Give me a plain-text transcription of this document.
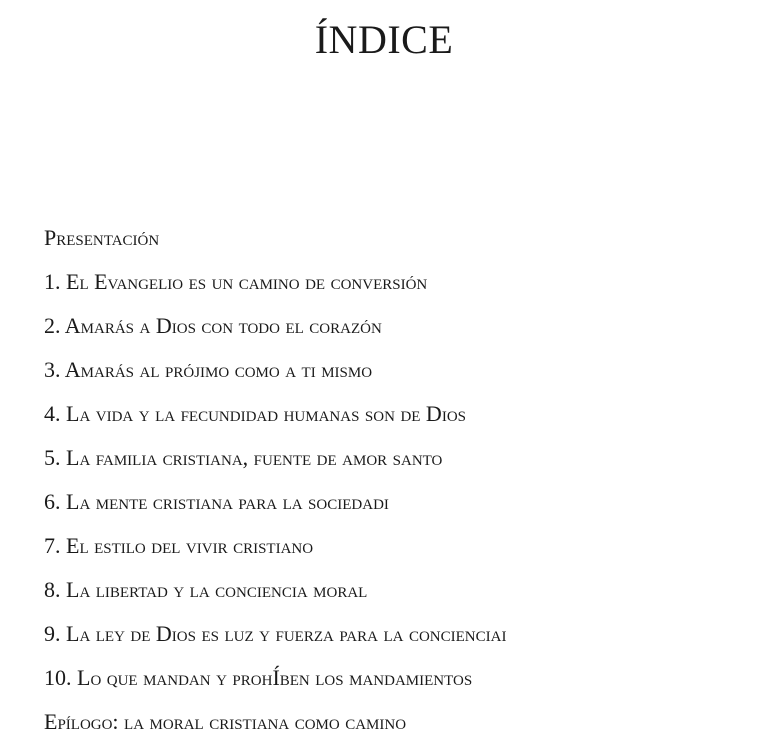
ÍNDICE
Presentación
1. El Evangelio es un camino de conversión
2. Amarás a Dios con todo el corazón
3. Amarás al prójimo como a ti mismo
4. La vida y la fecundidad humanas son de Dios
5. La familia cristiana, fuente de amor santo
6. La mente cristiana para la sociedadi
7. El estilo del vivir cristiano
8. La libertad y la conciencia moral
9. La ley de Dios es luz y fuerza para la concienciai
10. Lo que mandan y prohÍben los mandamientos
Epílogo: la moral cristiana como camino
